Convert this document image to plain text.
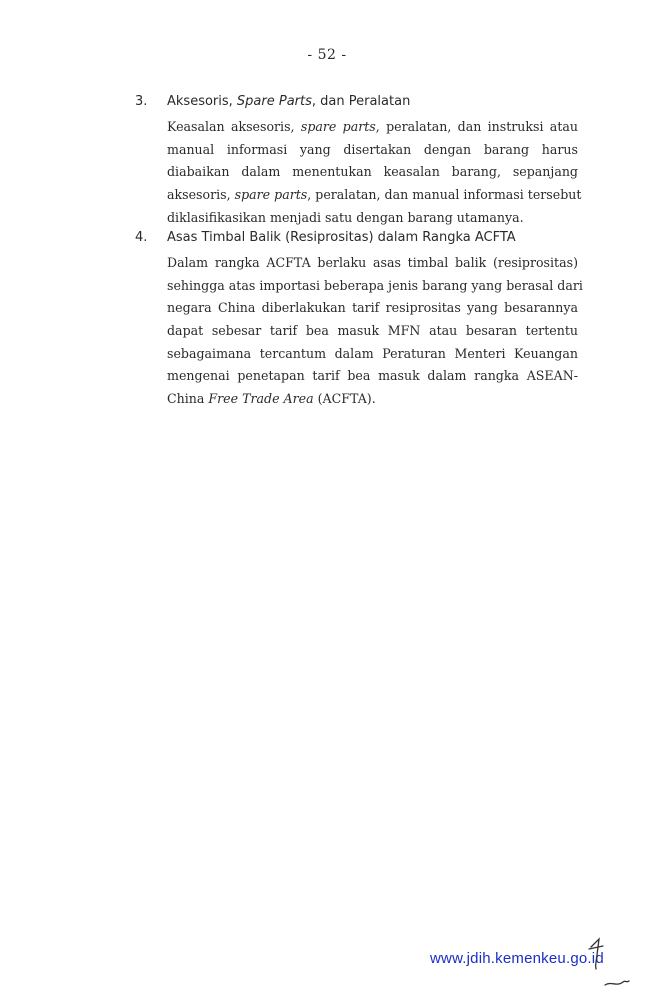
- 52 -
3. Aksesoris, Spare Parts, dan Peralatan
Keasalan aksesoris, spare parts, peralatan, dan instruksi atau
manual informasi yang disertakan dengan barang harus
diabaikan dalam menentukan keasalan barang, sepanjang
aksesoris, spare parts, peralatan, dan manual informasi tersebut
diklasifikasikan menjadi satu dengan barang utamanya.
4. Asas Timbal Balik (Resiprositas) dalam Rangka ACFTA
Dalam rangka ACFTA berlaku asas timbal balik (resiprositas)
sehingga atas importasi beberapa jenis barang yang berasal dari
negara China diberlakukan tarif resiprositas yang besarannya
dapat sebesar tarif bea masuk MFN atau besaran tertentu
sebagaimana tercantum dalam Peraturan Menteri Keuangan
mengenai penetapan tarif bea masuk dalam rangka ASEAN-
China Free Trade Area (ACFTA).
www.jdih.kemenkeu.go.id
